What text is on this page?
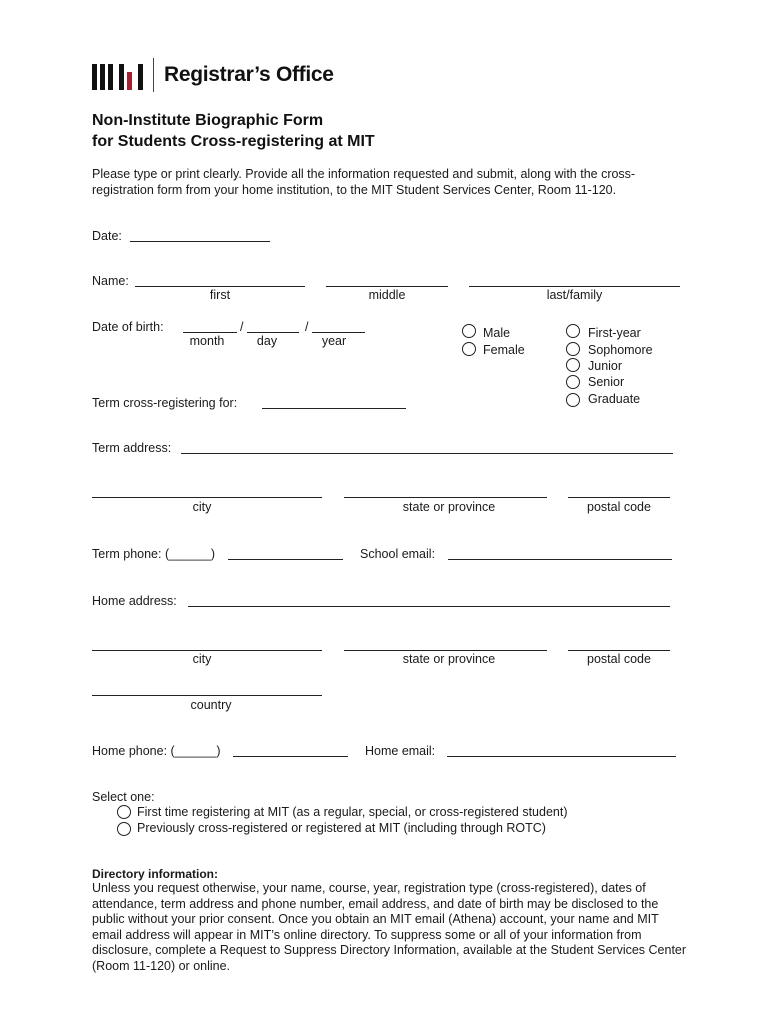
Registrar’s Office
Non-Institute Biographic Form
for Students Cross-registering at MIT
Please type or print clearly. Provide all the information requested and submit, along with the cross-registration form from your home institution, to the MIT Student Services Center, Room 11-120.
Date:
Name:
first	middle	last/family
Date of birth:	/	/
month	day	year
Male
Female
First-year
Sophomore
Junior
Senior
Graduate
Term cross-registering for:
Term address:
city	state or province	postal code
Term phone: (______)	School email:
Home address:
city	state or province	postal code
country
Home phone: (______)	Home email:
Select one:
First time registering at MIT (as a regular, special, or cross-registered student)
Previously cross-registered or registered at MIT (including through ROTC)
Directory information:
Unless you request otherwise, your name, course, year, registration type (cross-registered), dates of attendance, term address and phone number, email address, and date of birth may be disclosed to the public without your prior consent. Once you obtain an MIT email (Athena) account, your name and MIT email address will appear in MIT’s online directory. To suppress some or all of your information from disclosure, complete a Request to Suppress Directory Information, available at the Student Services Center (Room 11-120) or online.
